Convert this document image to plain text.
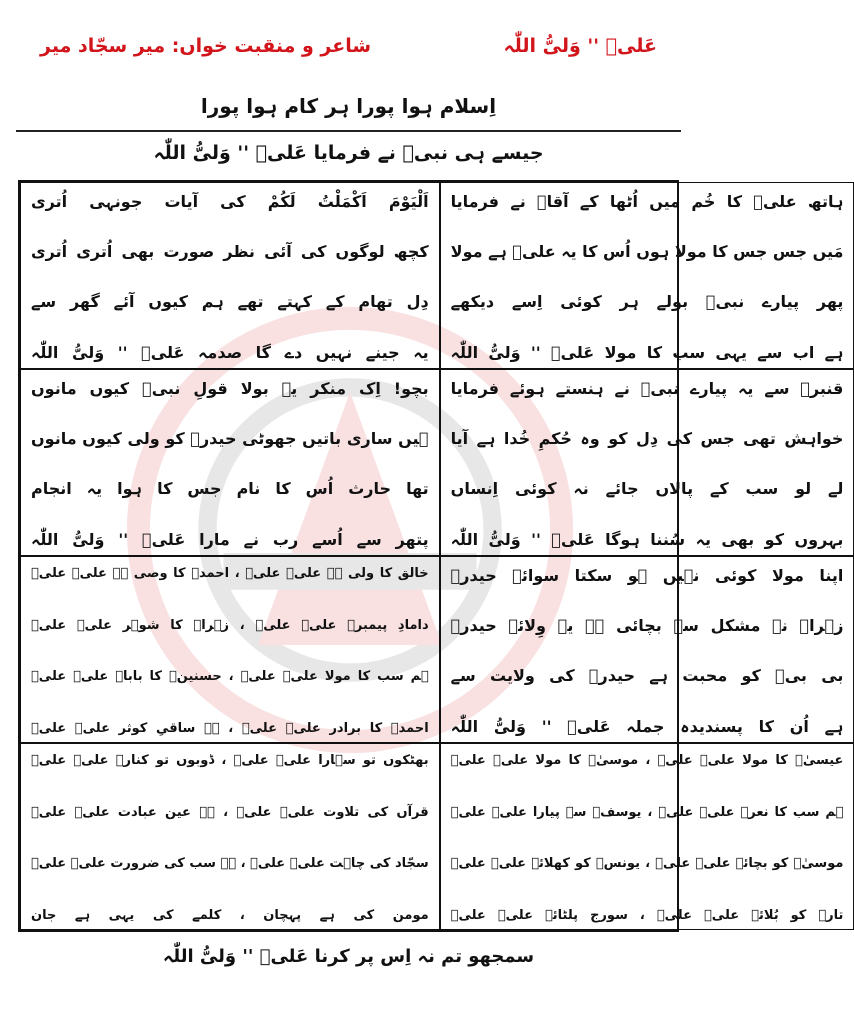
شاعر و منقبت خواں: میر سجّاد میر	عَلیؑ '' وَلیُّ اللّٰہ
اِسلام ہوا پورا ہر کام ہوا پورا
جیسے ہی نبیؐ نے فرمایا عَلیؑ '' وَلیُّ اللّٰہ
ہاتھ علیؑ کا خُم میں اُٹھا کے آقاؐ نے فرمایا
مَیں جس جس کا مولا ہوں اُس کا یہ علیؑ ہے مولا
پھر پیارے نبیؐ بولے ہر کوئی اِسے دیکھے
ہے اب سے یہی سب کا مولا عَلیؑ '' وَلیُّ اللّٰہ
اَلْیَوْمَ اَکْمَلْتُ لَکُمْ کی آیات جونہی اُتری
کچھ لوگوں کی آئی نظر صورت بھی اُتری اُتری
دِل تھام کے کہتے تھے ہم کیوں آئے گھر سے
یہ جینے نہیں دے گا صدمہ عَلیؑ '' وَلیُّ اللّٰہ
قنبرؓ سے یہ پیارے نبیؐ نے ہنستے ہوئے فرمایا
خواہش تھی جس کی دِل کو وہ حُکمِ خُدا ہے آیا
لے لو سب کے پالاں جائے نہ کوئی اِنساں
بہروں کو بھی یہ سُننا ہوگا عَلیؑ '' وَلیُّ اللّٰہ
بچو! اِک منکر یہ بولا قولِ نبیؐ کیوں مانوں
ہیں ساری باتیں جھوٹی حیدرؑ کو ولی کیوں مانوں
تھا حارث اُس کا نام جس کا ہوا یہ انجام
پتھر سے اُسے رب نے مارا عَلیؑ '' وَلیُّ اللّٰہ
اپنا مولا کوئی نہیں ہو سکتا سوائے حیدرؑ
زہراؑ نے مشکل سے بچائی ہے یہ وِلائے حیدرؑ
بی بیؑ کو محبت ہے حیدرؑ کی ولایت سے
ہے اُن کا پسندیدہ جملہ عَلیؑ '' وَلیُّ اللّٰہ
خالق کا ولی ہے علیؑ علیؑ ، احمدؐ کا وصی ہے علیؑ علیؑ
دامادِ پیمبرؐ علیؑ علیؑ ، زہراؑ کا شوہر علیؑ علیؑ
ہم سب کا مولا علیؑ علیؑ ، حسنینؑ کا باباؑ علیؑ علیؑ
احمدؐ کا برادر علیؑ علیؑ ، ہے ساقیِ کوثر علیؑ علیؑ
عیسیٰؑ کا مولا علیؑ علیؑ ، موسیٰؑ کا مولا علیؑ علیؑ
ہم سب کا نعرہ علیؑ علیؑ ، یوسفؑ سے پیارا علیؑ علیؑ
موسیٰؑ کو بچائے علیؑ علیؑ ، یونسؑ کو کھلائے علیؑ علیؑ
تارے کو بُلائے علیؑ علیؑ ، سورج پلٹائے علیؑ علیؑ
بھٹکوں تو سہارا علیؑ علیؑ ، ڈوبوں تو کنارہ علیؑ علیؑ
قرآں کی تلاوت علیؑ علیؑ ، ہے عین عبادت علیؑ علیؑ
سجّاد کی چاہت علیؑ علیؑ ، ہے سب کی ضرورت علیؑ علیؑ
مومن کی ہے پہچان ، کلمے کی یہی ہے جان
سمجھو تم نہ اِس پر کرنا عَلیؑ '' وَلیُّ اللّٰہ
